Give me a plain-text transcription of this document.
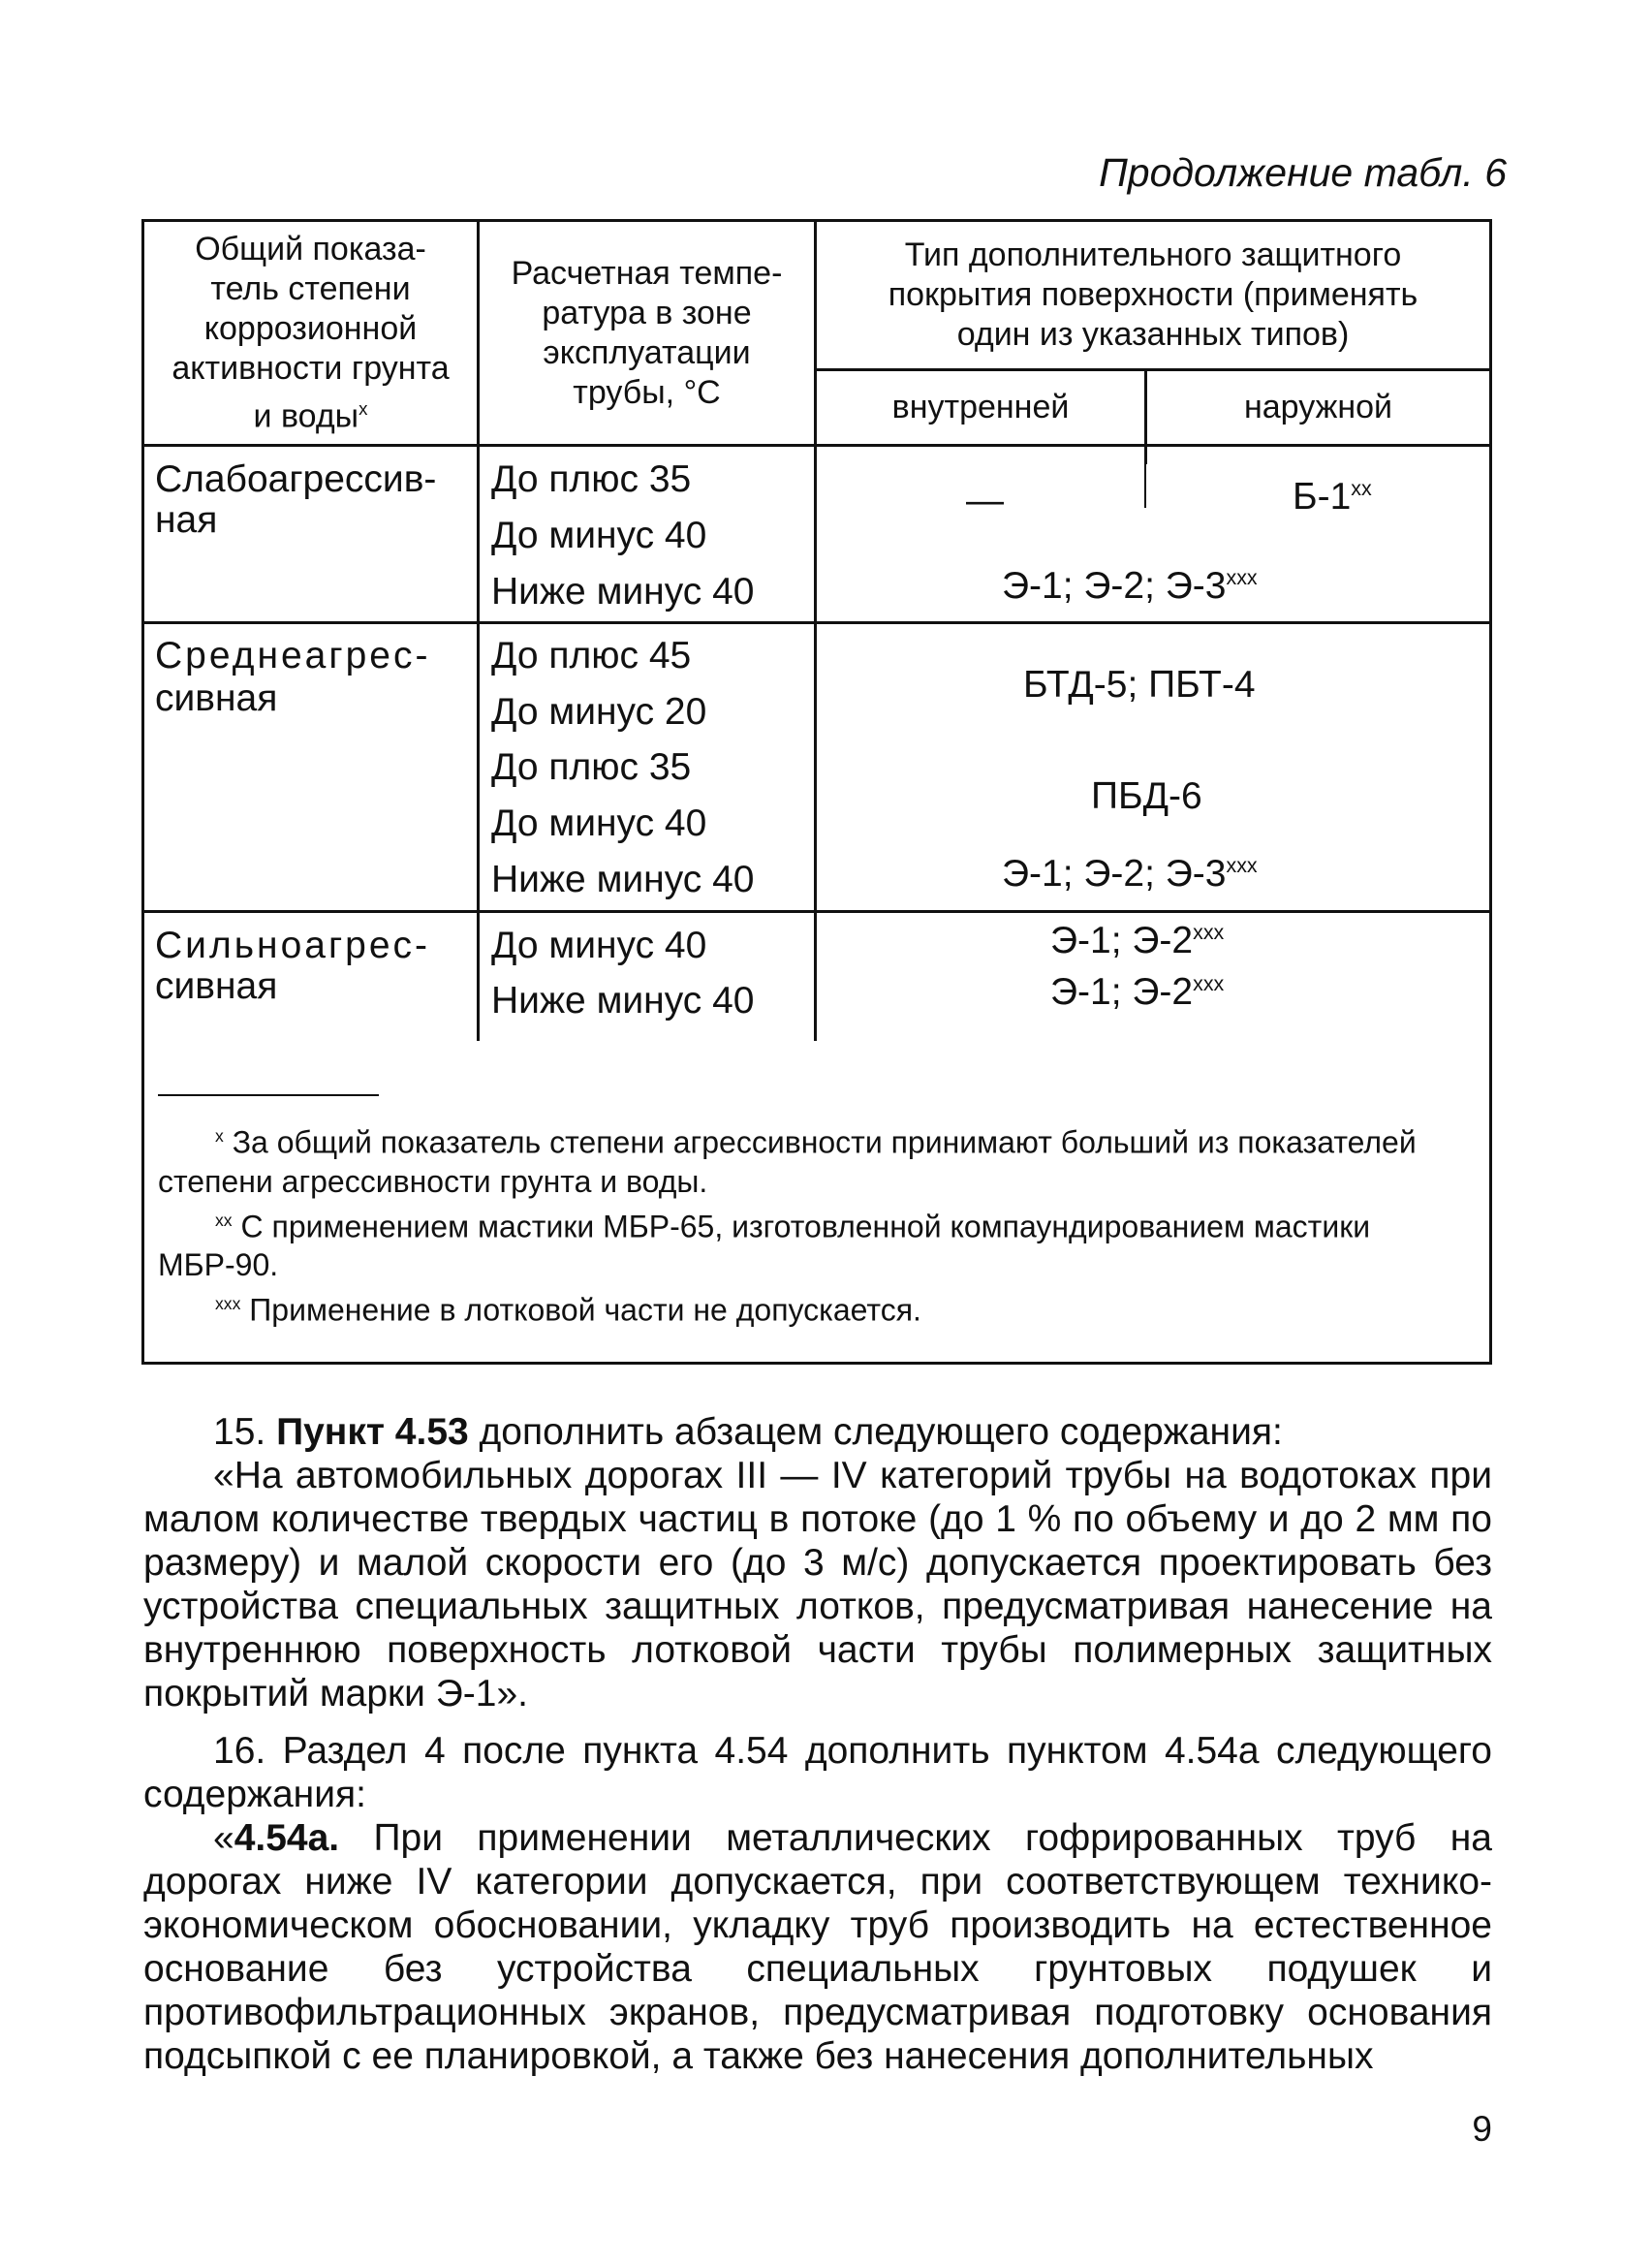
Продолжение табл. 6
Общий показа-
тель степени
коррозионной
активности грунта
и воды$^x$
Расчетная темпе-
ратура в зоне
эксплуатации
трубы, °С
Тип дополнительного защитного
покрытия поверхности (применять
один из указанных типов)
внутренней	наружной
Слабоагрессив-
ная
До плюс 35
До минус 40
Ниже минус 40
—	Б-1$^{xx}$
Э-1; Э-2; Э-3$^{xxx}$
Среднеагрес-
сивная
До плюс 45
До минус 20
До плюс 35
До минус 40
Ниже минус 40
БТД-5; ПБТ-4
ПБД-6
Э-1; Э-2; Э-3$^{xxx}$
Сильноагрес-
сивная
До минус 40
Ниже минус 40
Э-1; Э-2$^{xxx}$
Э-1; Э-2$^{xxx}$

$^x$ За общий показатель степени агрессивности принимают больший из показателей степени агрессивности грунта и воды.

$^{xx}$ С применением мастики МБР-65, изготовленной компаундированием мастики МБР-90.

$^{xxx}$ Применение в лотковой части не допускается.

15. Пункт 4.53 дополнить абзацем следующего содержания:

«На автомобильных дорогах III — IV категорий трубы на водотоках при малом количестве твердых частиц в потоке (до 1 % по объему и до 2 мм по размеру) и малой скорости его (до 3 м/с) допускается проектировать без устройства специальных защитных лотков, предусматривая нанесение на внутреннюю поверхность лотковой части трубы полимерных защитных покрытий марки Э-1».

16. Раздел 4 после пункта 4.54 дополнить пунктом 4.54а следующего содержания:

«4.54а. При применении металлических гофрированных труб на дорогах ниже IV категории допускается, при соответствующем технико-экономическом обосновании, укладку труб производить на естественное основание без устройства специальных грунтовых подушек и противофильтрационных экранов, предусматривая подготовку основания подсыпкой с ее планировкой, а также без нанесения дополнительных

9
